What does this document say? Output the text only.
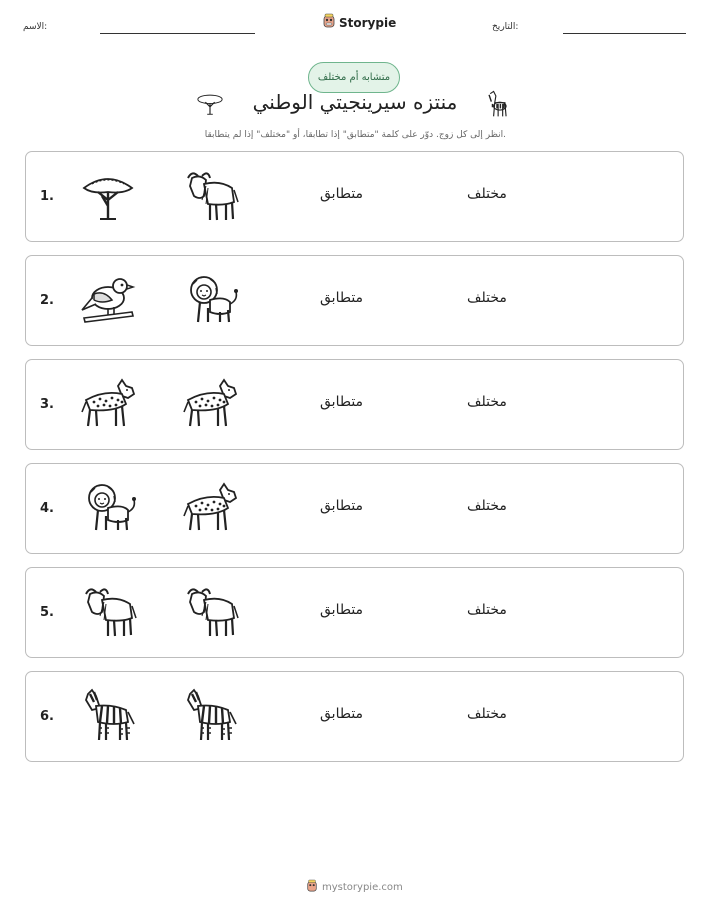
الاسم:	Storypie	التاريخ:
متشابه أم مختلف
منتزه سيرينجيتي الوطني
انظر إلى كل زوج. دوّر على كلمة "متطابق" إذا تطابقا، أو "مختلف" إذا لم يتطابقا.
1.	متطابق	مختلف
2.	متطابق	مختلف
3.	متطابق	مختلف
4.	متطابق	مختلف
5.	متطابق	مختلف
6.	متطابق	مختلف
mystorypie.com
